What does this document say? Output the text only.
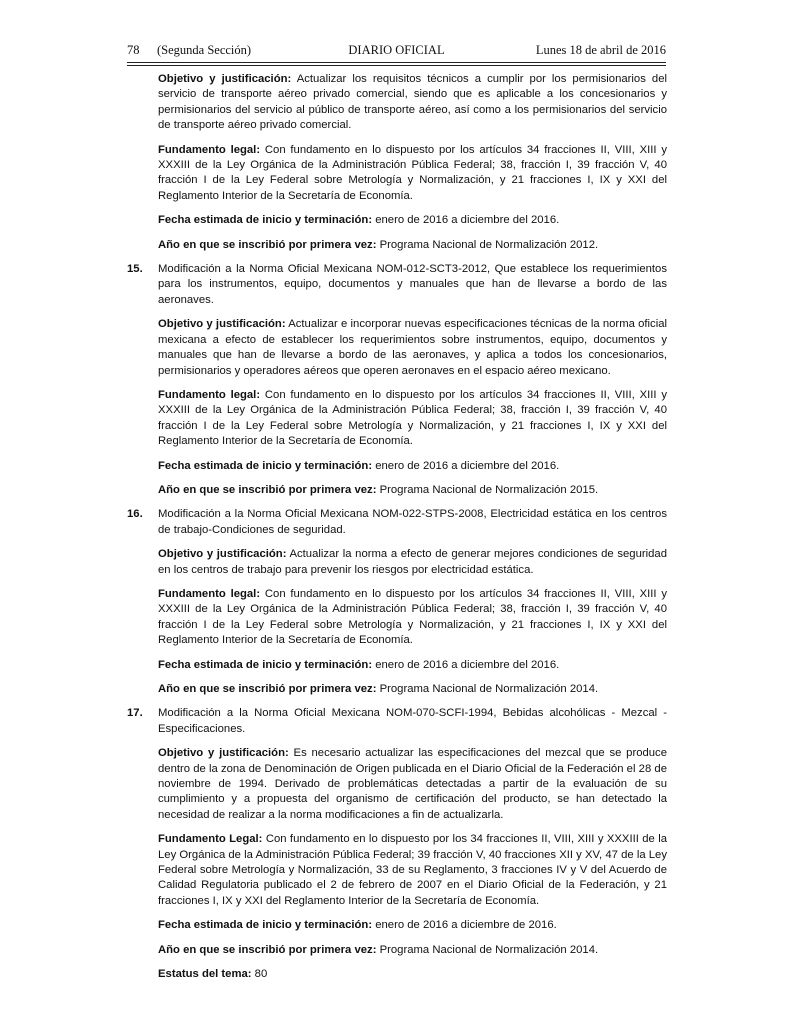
78 (Segunda Sección)	DIARIO OFICIAL	Lunes 18 de abril de 2016

Objetivo y justificación: Actualizar los requisitos técnicos a cumplir por los permisionarios del servicio de transporte aéreo privado comercial, siendo que es aplicable a los concesionarios y permisionarios del servicio al público de transporte aéreo, así como a los permisionarios del servicio de transporte aéreo privado comercial.

Fundamento legal: Con fundamento en lo dispuesto por los artículos 34 fracciones II, VIII, XIII y XXXIII de la Ley Orgánica de la Administración Pública Federal; 38, fracción I, 39 fracción V, 40 fracción I de la Ley Federal sobre Metrología y Normalización, y 21 fracciones I, IX y XXI del Reglamento Interior de la Secretaría de Economía.

Fecha estimada de inicio y terminación: enero de 2016 a diciembre del 2016.

Año en que se inscribió por primera vez: Programa Nacional de Normalización 2012.

15. Modificación a la Norma Oficial Mexicana NOM-012-SCT3-2012, Que establece los requerimientos para los instrumentos, equipo, documentos y manuales que han de llevarse a bordo de las aeronaves.

Objetivo y justificación: Actualizar e incorporar nuevas especificaciones técnicas de la norma oficial mexicana a efecto de establecer los requerimientos sobre instrumentos, equipo, documentos y manuales que han de llevarse a bordo de las aeronaves, y aplica a todos los concesionarios, permisionarios y operadores aéreos que operen aeronaves en el espacio aéreo mexicano.

Fundamento legal: Con fundamento en lo dispuesto por los artículos 34 fracciones II, VIII, XIII y XXXIII de la Ley Orgánica de la Administración Pública Federal; 38, fracción I, 39 fracción V, 40 fracción I de la Ley Federal sobre Metrología y Normalización, y 21 fracciones I, IX y XXI del Reglamento Interior de la Secretaría de Economía.

Fecha estimada de inicio y terminación: enero de 2016 a diciembre del 2016.

Año en que se inscribió por primera vez: Programa Nacional de Normalización 2015.

16. Modificación a la Norma Oficial Mexicana NOM-022-STPS-2008, Electricidad estática en los centros de trabajo-Condiciones de seguridad.

Objetivo y justificación: Actualizar la norma a efecto de generar mejores condiciones de seguridad en los centros de trabajo para prevenir los riesgos por electricidad estática.

Fundamento legal: Con fundamento en lo dispuesto por los artículos 34 fracciones II, VIII, XIII y XXXIII de la Ley Orgánica de la Administración Pública Federal; 38, fracción I, 39 fracción V, 40 fracción I de la Ley Federal sobre Metrología y Normalización, y 21 fracciones I, IX y XXI del Reglamento Interior de la Secretaría de Economía.

Fecha estimada de inicio y terminación: enero de 2016 a diciembre del 2016.

Año en que se inscribió por primera vez: Programa Nacional de Normalización 2014.

17. Modificación a la Norma Oficial Mexicana NOM-070-SCFI-1994, Bebidas alcohólicas - Mezcal - Especificaciones.

Objetivo y justificación: Es necesario actualizar las especificaciones del mezcal que se produce dentro de la zona de Denominación de Origen publicada en el Diario Oficial de la Federación el 28 de noviembre de 1994. Derivado de problemáticas detectadas a partir de la evaluación de su cumplimiento y a propuesta del organismo de certificación del producto, se han detectado la necesidad de realizar a la norma modificaciones a fin de actualizarla.

Fundamento Legal: Con fundamento en lo dispuesto por los 34 fracciones II, VIII, XIII y XXXIII de la Ley Orgánica de la Administración Pública Federal; 39 fracción V, 40 fracciones XII y XV, 47 de la Ley Federal sobre Metrología y Normalización, 33 de su Reglamento, 3 fracciones IV y V del Acuerdo de Calidad Regulatoria publicado el 2 de febrero de 2007 en el Diario Oficial de la Federación, y 21 fracciones I, IX y XXI del Reglamento Interior de la Secretaría de Economía.

Fecha estimada de inicio y terminación: enero de 2016 a diciembre de 2016.

Año en que se inscribió por primera vez: Programa Nacional de Normalización 2014.

Estatus del tema: 80
